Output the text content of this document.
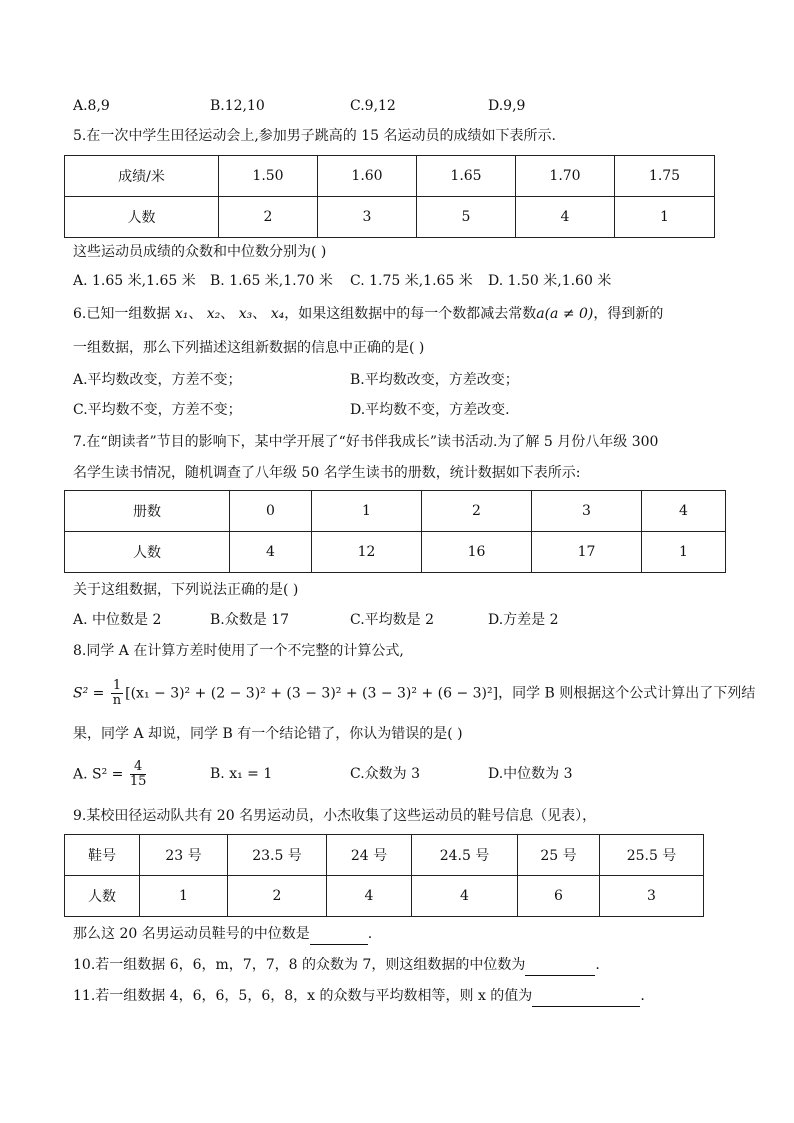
A.8,9	B.12,10	C.9,12	D.9,9
5.在一次中学生田径运动会上,参加男子跳高的 15 名运动员的成绩如下表所示.
成绩/米	1.50	1.60	1.65	1.70	1.75
人数	2	3	5	4	1
这些运动员成绩的众数和中位数分别为( )
A. 1.65 米,1.65 米 B. 1.65 米,1.70 米 C. 1.75 米,1.65 米 D. 1.50 米,1.60 米
6.已知一组数据 x₁、 x₂、 x₃、 x₄，如果这组数据中的每一个数都减去常数a(a ≠ 0)，得到新的
一组数据，那么下列描述这组新数据的信息中正确的是( )
A.平均数改变，方差不变；	B.平均数改变，方差改变；
C.平均数不变，方差不变；	D.平均数不变，方差改变.
7.在“朗读者”节目的影响下，某中学开展了“好书伴我成长”读书活动.为了解 5 月份八年级 300
名学生读书情况，随机调查了八年级 50 名学生读书的册数，统计数据如下表所示:
册数	0	1	2	3	4
人数	4	12	16	17	1
关于这组数据，下列说法正确的是( )
A. 中位数是 2	B.众数是 17	C.平均数是 2	D.方差是 2
8.同学 A 在计算方差时使用了一个不完整的计算公式,
$S^2 = \frac{1}{n} [(x_1 - 3)^2 + (2 - 3)^2 + (3 - 3)^2 + (3 - 3)^2 + (6 - 3)^2]$，同学 B 则根据这个公式计算出了下列结
果，同学 A 却说，同学 B 有一个结论错了，你认为错误的是( )
A. $S^2 = \frac{4}{15}$	B. x₁ = 1	C.众数为 3	D.中位数为 3
9.某校田径运动队共有 20 名男运动员，小杰收集了这些运动员的鞋号信息（见表），
鞋号	23 号	23.5 号	24 号	24.5 号	25 号	25.5 号
人数	1	2	4	4	6	3
那么这 20 名男运动员鞋号的中位数是	.
10.若一组数据 6，6，m，7，7，8 的众数为 7，则这组数据的中位数为	.
11.若一组数据 4，6，6，5，6，8，x 的众数与平均数相等，则 x 的值为	.
